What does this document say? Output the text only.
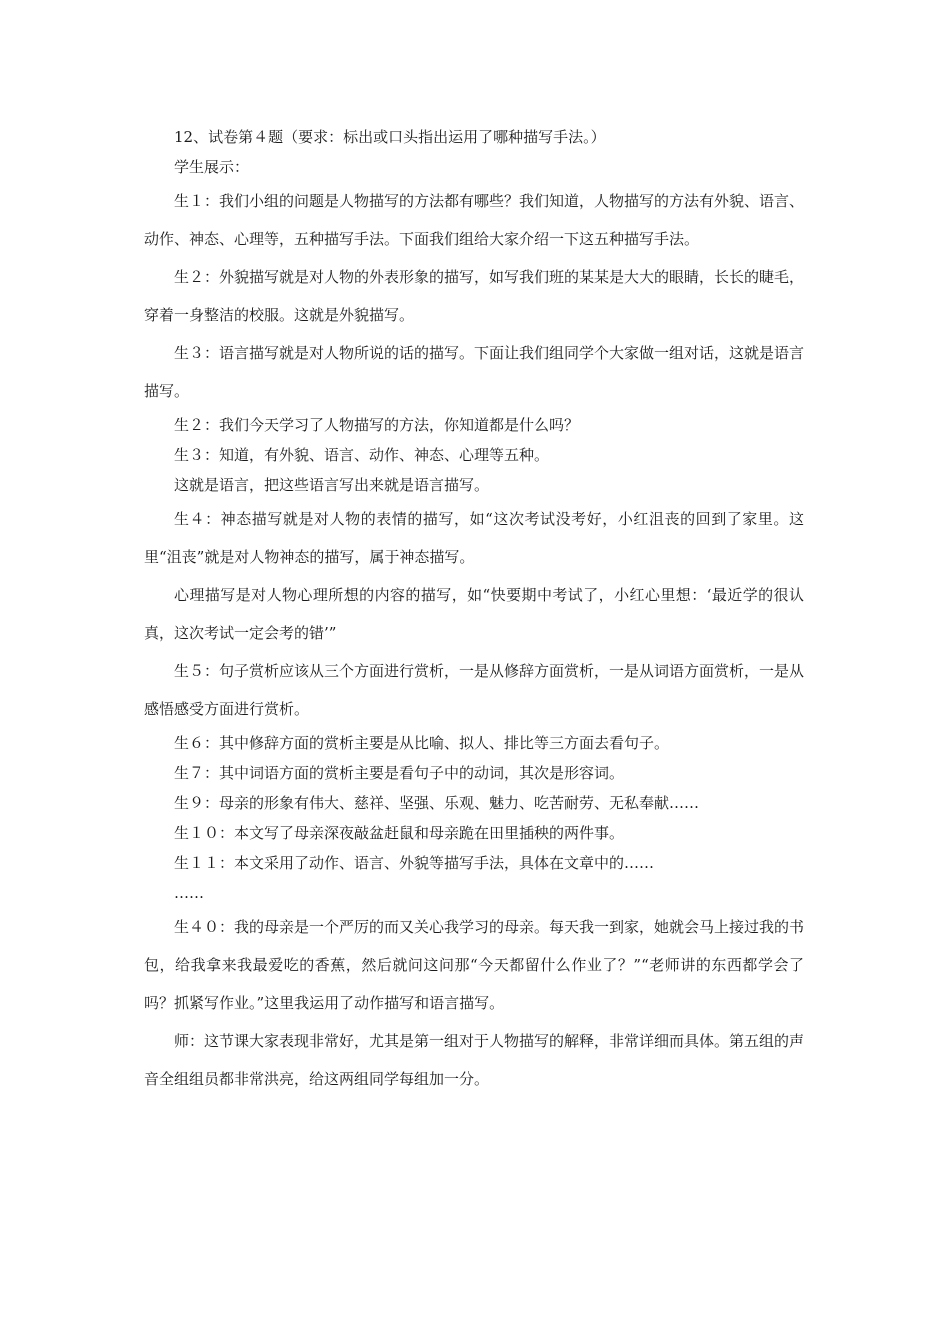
12、试卷第４题（要求：标出或口头指出运用了哪种描写手法。）

学生展示：

生１：我们小组的问题是人物描写的方法都有哪些？我们知道，人物描写的方法有外貌、语言、动作、神态、心理等，五种描写手法。下面我们组给大家介绍一下这五种描写手法。

生２：外貌描写就是对人物的外表形象的描写，如写我们班的某某是大大的眼睛，长长的睫毛，穿着一身整洁的校服。这就是外貌描写。

生３：语言描写就是对人物所说的话的描写。下面让我们组同学个大家做一组对话，这就是语言描写。

生２：我们今天学习了人物描写的方法，你知道都是什么吗？

生３：知道，有外貌、语言、动作、神态、心理等五种。

这就是语言，把这些语言写出来就是语言描写。

生４：神态描写就是对人物的表情的描写，如“这次考试没考好，小红沮丧的回到了家里。这里“沮丧”就是对人物神态的描写，属于神态描写。

心理描写是对人物心理所想的内容的描写，如“快要期中考试了，小红心里想：‘最近学的很认真，这次考试一定会考的错’”

生５：句子赏析应该从三个方面进行赏析，一是从修辞方面赏析，一是从词语方面赏析，一是从感悟感受方面进行赏析。

生６：其中修辞方面的赏析主要是从比喻、拟人、排比等三方面去看句子。

生７：其中词语方面的赏析主要是看句子中的动词，其次是形容词。

生９：母亲的形象有伟大、慈祥、坚强、乐观、魅力、吃苦耐劳、无私奉献……

生１０：本文写了母亲深夜敲盆赶鼠和母亲跪在田里插秧的两件事。

生１１：本文采用了动作、语言、外貌等描写手法，具体在文章中的……

……

生４０：我的母亲是一个严厉的而又关心我学习的母亲。每天我一到家，她就会马上接过我的书包，给我拿来我最爱吃的香蕉，然后就问这问那“今天都留什么作业了？”“老师讲的东西都学会了吗？抓紧写作业。”这里我运用了动作描写和语言描写。

师：这节课大家表现非常好，尤其是第一组对于人物描写的解释，非常详细而具体。第五组的声音全组组员都非常洪亮，给这两组同学每组加一分。
